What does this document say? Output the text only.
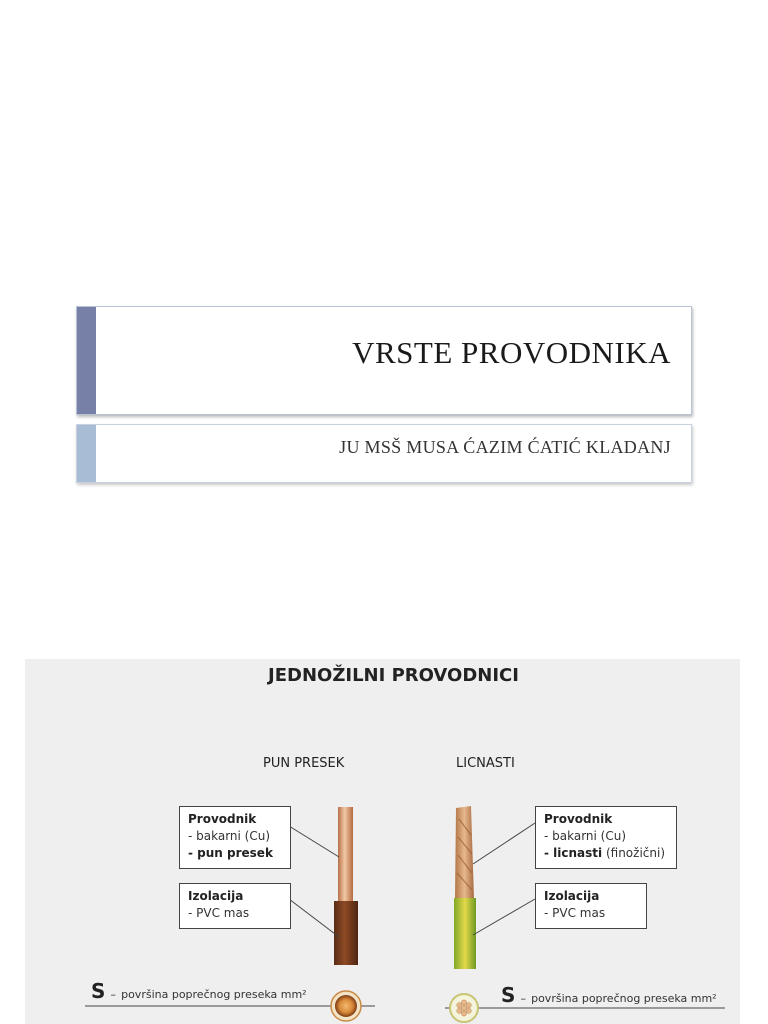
VRSTE PROVODNIKA
JU MSŠ MUSA ĆAZIM ĆATIĆ KLADANJ
JEDNOŽILNI PROVODNICI
PUN PRESEK	LICNASTI
Provodnik
- bakarni (Cu)
- pun presek
Izolacija
- PVC mas
Provodnik
- bakarni (Cu)
- licnasti (finožični)
Izolacija
- PVC mas
S – površina poprečnog preseka mm²	S – površina poprečnog preseka mm²
